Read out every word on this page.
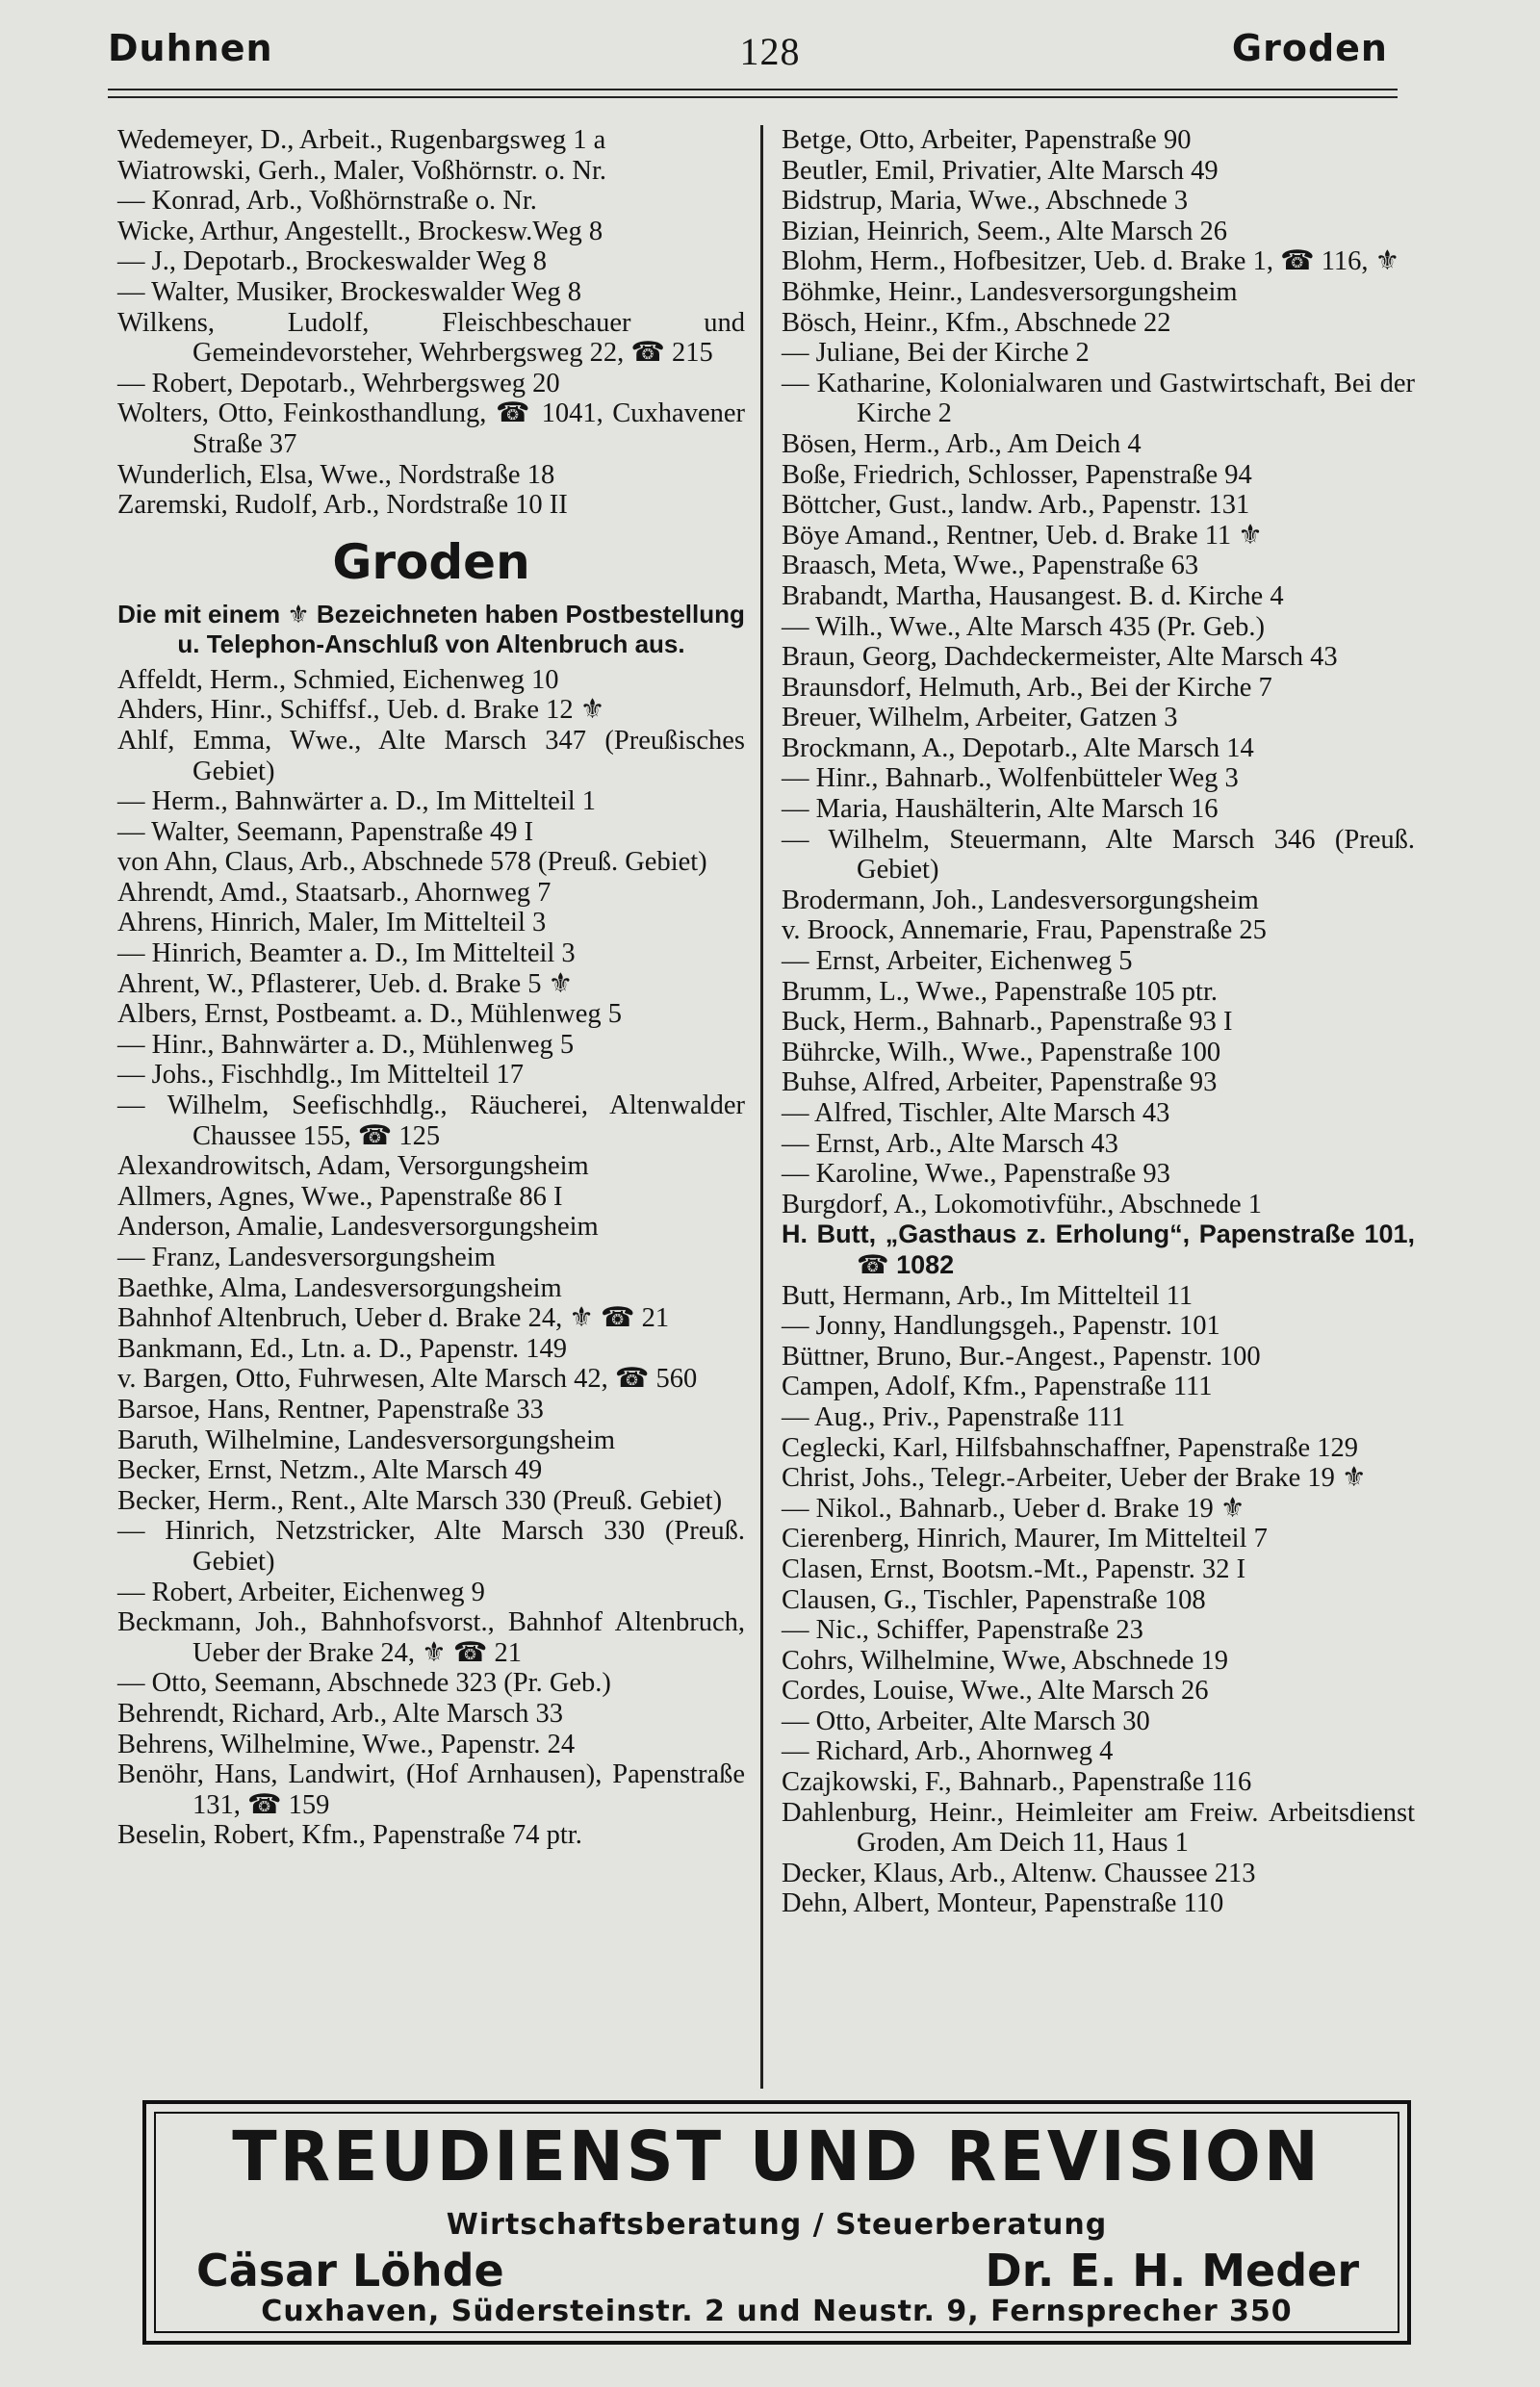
Duhnen	128	Groden
Wedemeyer, D., Arbeit., Rugenbargsweg 1 a
Wiatrowski, Gerh., Maler, Voßhörnstr. o. Nr.
— Konrad, Arb., Voßhörnstraße o. Nr.
Wicke, Arthur, Angestellt., Brockesw.Weg 8
— J., Depotarb., Brockeswalder Weg 8
— Walter, Musiker, Brockeswalder Weg 8
Wilkens, Ludolf, Fleischbeschauer und Gemeindevorsteher, Wehrbergsweg 22, ☎ 215
— Robert, Depotarb., Wehrbergsweg 20
Wolters, Otto, Feinkosthandlung, ☎ 1041, Cuxhavener Straße 37
Wunderlich, Elsa, Wwe., Nordstraße 18
Zaremski, Rudolf, Arb., Nordstraße 10 II
Groden
Die mit einem ⚜ Bezeichneten haben Postbestellung u. Telephon-Anschluß von Altenbruch aus.
Affeldt, Herm., Schmied, Eichenweg 10
Ahders, Hinr., Schiffsf., Ueb. d. Brake 12 ⚜
Ahlf, Emma, Wwe., Alte Marsch 347 (Preußisches Gebiet)
— Herm., Bahnwärter a. D., Im Mittelteil 1
— Walter, Seemann, Papenstraße 49 I
von Ahn, Claus, Arb., Abschnede 578 (Preuß. Gebiet)
Ahrendt, Amd., Staatsarb., Ahornweg 7
Ahrens, Hinrich, Maler, Im Mittelteil 3
— Hinrich, Beamter a. D., Im Mittelteil 3
Ahrent, W., Pflasterer, Ueb. d. Brake 5 ⚜
Albers, Ernst, Postbeamt. a. D., Mühlenweg 5
— Hinr., Bahnwärter a. D., Mühlenweg 5
— Johs., Fischhdlg., Im Mittelteil 17
— Wilhelm, Seefischhdlg., Räucherei, Altenwalder Chaussee 155, ☎ 125
Alexandrowitsch, Adam, Versorgungsheim
Allmers, Agnes, Wwe., Papenstraße 86 I
Anderson, Amalie, Landesversorgungsheim
— Franz, Landesversorgungsheim
Baethke, Alma, Landesversorgungsheim
Bahnhof Altenbruch, Ueber d. Brake 24, ⚜ ☎ 21
Bankmann, Ed., Ltn. a. D., Papenstr. 149
v. Bargen, Otto, Fuhrwesen, Alte Marsch 42, ☎ 560
Barsoe, Hans, Rentner, Papenstraße 33
Baruth, Wilhelmine, Landesversorgungsheim
Becker, Ernst, Netzm., Alte Marsch 49
Becker, Herm., Rent., Alte Marsch 330 (Preuß. Gebiet)
— Hinrich, Netzstricker, Alte Marsch 330 (Preuß. Gebiet)
— Robert, Arbeiter, Eichenweg 9
Beckmann, Joh., Bahnhofsvorst., Bahnhof Altenbruch, Ueber der Brake 24, ⚜ ☎ 21
— Otto, Seemann, Abschnede 323 (Pr. Geb.)
Behrendt, Richard, Arb., Alte Marsch 33
Behrens, Wilhelmine, Wwe., Papenstr. 24
Benöhr, Hans, Landwirt, (Hof Arnhausen), Papenstraße 131, ☎ 159
Beselin, Robert, Kfm., Papenstraße 74 ptr.
Betge, Otto, Arbeiter, Papenstraße 90
Beutler, Emil, Privatier, Alte Marsch 49
Bidstrup, Maria, Wwe., Abschnede 3
Bizian, Heinrich, Seem., Alte Marsch 26
Blohm, Herm., Hofbesitzer, Ueb. d. Brake 1, ☎ 116, ⚜
Böhmke, Heinr., Landesversorgungsheim
Bösch, Heinr., Kfm., Abschnede 22
— Juliane, Bei der Kirche 2
— Katharine, Kolonialwaren und Gastwirtschaft, Bei der Kirche 2
Bösen, Herm., Arb., Am Deich 4
Boße, Friedrich, Schlosser, Papenstraße 94
Böttcher, Gust., landw. Arb., Papenstr. 131
Böye Amand., Rentner, Ueb. d. Brake 11 ⚜
Braasch, Meta, Wwe., Papenstraße 63
Brabandt, Martha, Hausangest. B. d. Kirche 4
— Wilh., Wwe., Alte Marsch 435 (Pr. Geb.)
Braun, Georg, Dachdeckermeister, Alte Marsch 43
Braunsdorf, Helmuth, Arb., Bei der Kirche 7
Breuer, Wilhelm, Arbeiter, Gatzen 3
Brockmann, A., Depotarb., Alte Marsch 14
— Hinr., Bahnarb., Wolfenbütteler Weg 3
— Maria, Haushälterin, Alte Marsch 16
— Wilhelm, Steuermann, Alte Marsch 346 (Preuß. Gebiet)
Brodermann, Joh., Landesversorgungsheim
v. Broock, Annemarie, Frau, Papenstraße 25
— Ernst, Arbeiter, Eichenweg 5
Brumm, L., Wwe., Papenstraße 105 ptr.
Buck, Herm., Bahnarb., Papenstraße 93 I
Bührcke, Wilh., Wwe., Papenstraße 100
Buhse, Alfred, Arbeiter, Papenstraße 93
— Alfred, Tischler, Alte Marsch 43
— Ernst, Arb., Alte Marsch 43
— Karoline, Wwe., Papenstraße 93
Burgdorf, A., Lokomotivführ., Abschnede 1
H. Butt, „Gasthaus z. Erholung“, Papenstraße 101, ☎ 1082
Butt, Hermann, Arb., Im Mittelteil 11
— Jonny, Handlungsgeh., Papenstr. 101
Büttner, Bruno, Bur.-Angest., Papenstr. 100
Campen, Adolf, Kfm., Papenstraße 111
— Aug., Priv., Papenstraße 111
Ceglecki, Karl, Hilfsbahnschaffner, Papenstraße 129
Christ, Johs., Telegr.-Arbeiter, Ueber der Brake 19 ⚜
— Nikol., Bahnarb., Ueber d. Brake 19 ⚜
Cierenberg, Hinrich, Maurer, Im Mittelteil 7
Clasen, Ernst, Bootsm.-Mt., Papenstr. 32 I
Clausen, G., Tischler, Papenstraße 108
— Nic., Schiffer, Papenstraße 23
Cohrs, Wilhelmine, Wwe, Abschnede 19
Cordes, Louise, Wwe., Alte Marsch 26
— Otto, Arbeiter, Alte Marsch 30
— Richard, Arb., Ahornweg 4
Czajkowski, F., Bahnarb., Papenstraße 116
Dahlenburg, Heinr., Heimleiter am Freiw. Arbeitsdienst Groden, Am Deich 11, Haus 1
Decker, Klaus, Arb., Altenw. Chaussee 213
Dehn, Albert, Monteur, Papenstraße 110
TREUDIENST UND REVISION
Wirtschaftsberatung / Steuerberatung
Cäsar Löhde	Dr. E. H. Meder
Cuxhaven, Südersteinstr. 2 und Neustr. 9, Fernsprecher 350
